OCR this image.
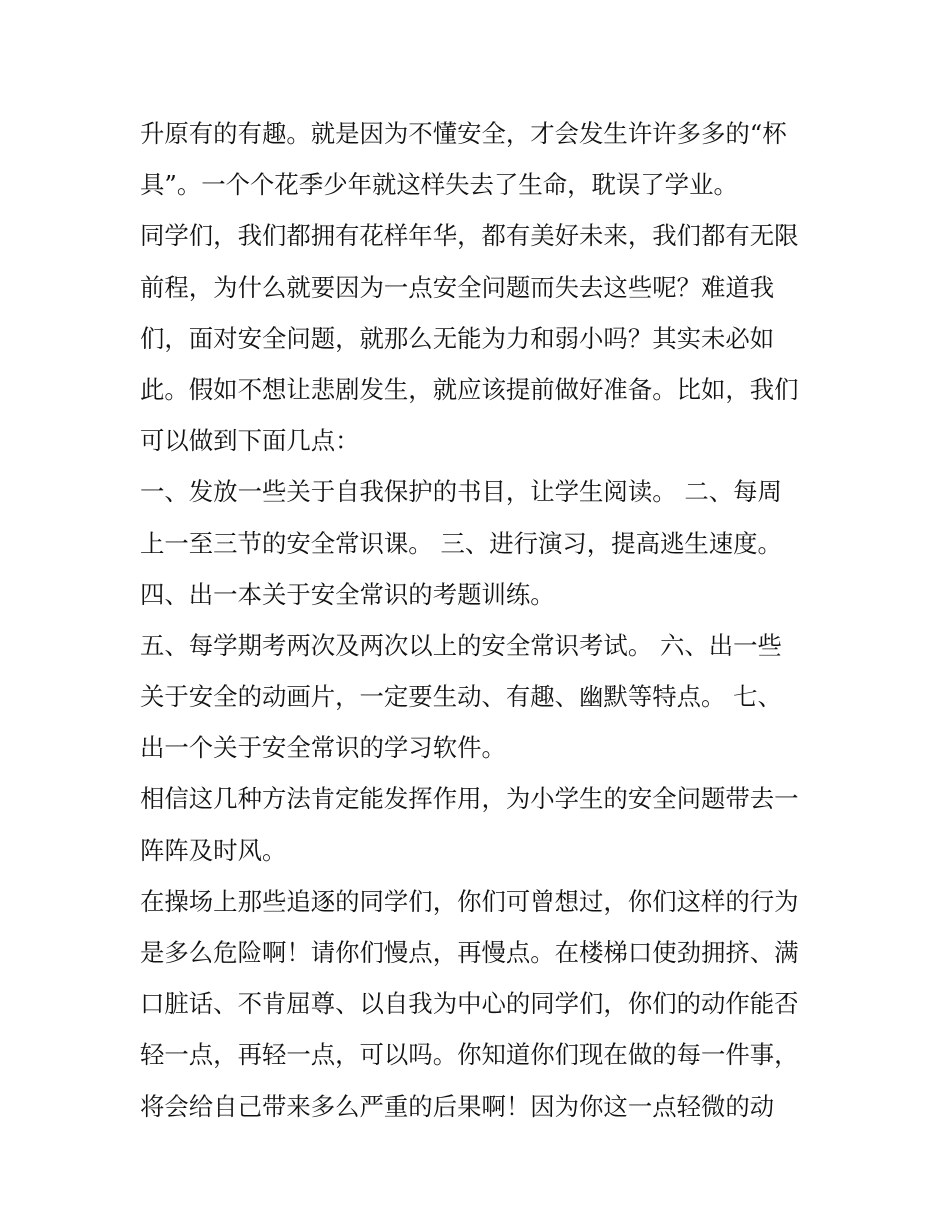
升原有的有趣。就是因为不懂安全，才会发生许许多多的“杯
具”。一个个花季少年就这样失去了生命，耽误了学业。
同学们，我们都拥有花样年华，都有美好未来，我们都有无限
前程，为什么就要因为一点安全问题而失去这些呢？难道我
们，面对安全问题，就那么无能为力和弱小吗？其实未必如
此。假如不想让悲剧发生，就应该提前做好准备。比如，我们
可以做到下面几点：
一、发放一些关于自我保护的书目，让学生阅读。 二、每周
上一至三节的安全常识课。 三、进行演习，提高逃生速度。
四、出一本关于安全常识的考题训练。
五、每学期考两次及两次以上的安全常识考试。 六、出一些
关于安全的动画片，一定要生动、有趣、幽默等特点。 七、
出一个关于安全常识的学习软件。
相信这几种方法肯定能发挥作用，为小学生的安全问题带去一
阵阵及时风。
在操场上那些追逐的同学们，你们可曾想过，你们这样的行为
是多么危险啊！请你们慢点，再慢点。在楼梯口使劲拥挤、满
口脏话、不肯屈尊、以自我为中心的同学们，你们的动作能否
轻一点，再轻一点，可以吗。你知道你们现在做的每一件事，
将会给自己带来多么严重的后果啊！因为你这一点轻微的动
